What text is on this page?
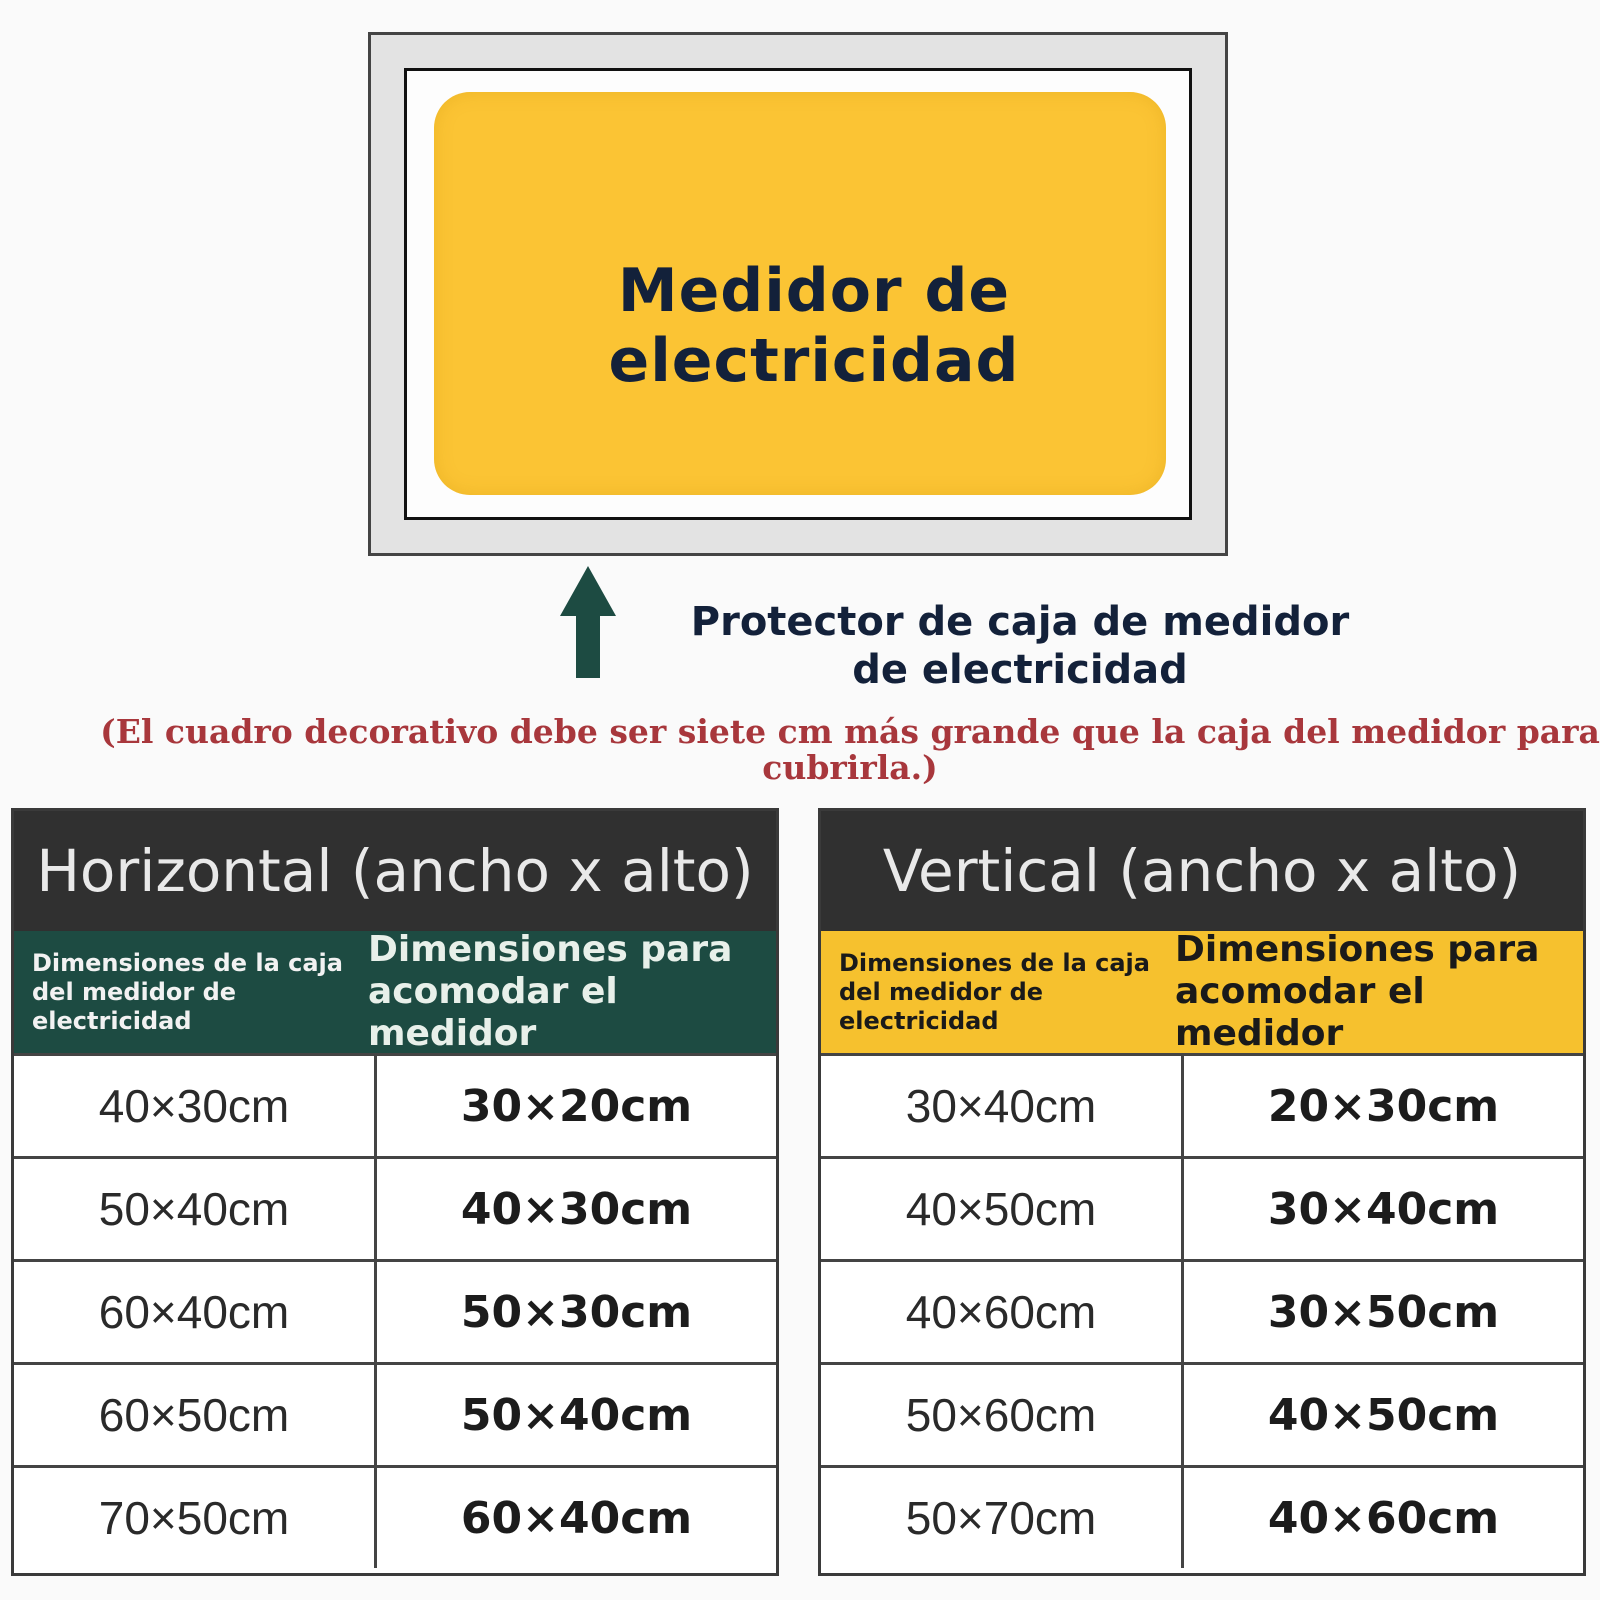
Medidor de electricidad
Protector de caja de medidor de electricidad
(El cuadro decorativo debe ser siete cm más grande que la caja del medidor para cubrirla.)
Horizontal (ancho x alto)
Dimensiones de la caja del medidor de electricidad
Dimensiones para acomodar el medidor
40×30cm	30×20cm
50×40cm	40×30cm
60×40cm	50×30cm
60×50cm	50×40cm
70×50cm	60×40cm
Vertical (ancho x alto)
Dimensiones de la caja del medidor de electricidad
Dimensiones para acomodar el medidor
30×40cm	20×30cm
40×50cm	30×40cm
40×60cm	30×50cm
50×60cm	40×50cm
50×70cm	40×60cm
